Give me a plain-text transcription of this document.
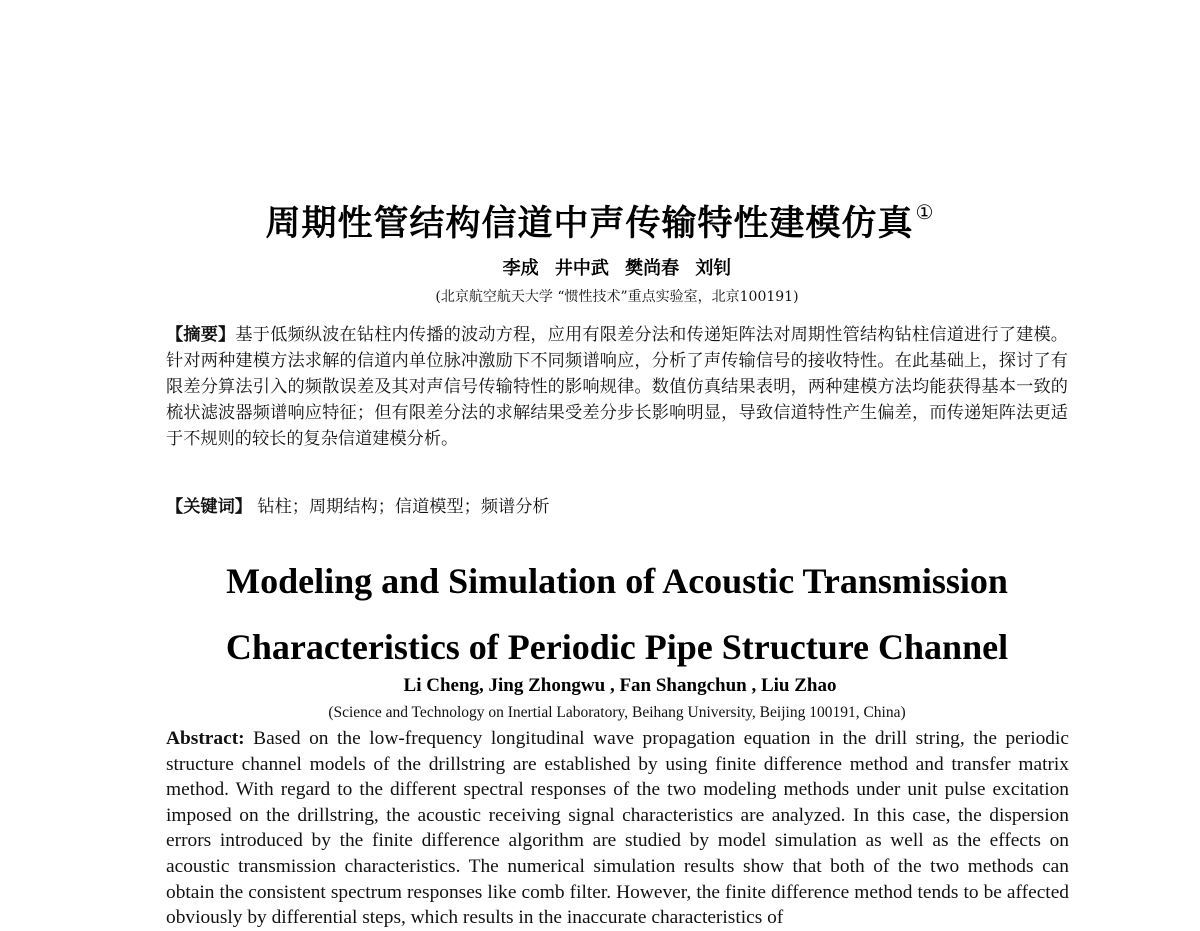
周期性管结构信道中声传输特性建模仿真 ①
李成 井中武 樊尚春 刘钊
(北京航空航天大学 “惯性技术”重点实验室，北京100191)
【摘要】基于低频纵波在钻柱内传播的波动方程，应用有限差分法和传递矩阵法对周期性管结构钻柱信道进行了建模。针对两种建模方法求解的信道内单位脉冲激励下不同频谱响应，分析了声传输信号的接收特性。在此基础上，探讨了有限差分算法引入的频散误差及其对声信号传输特性的影响规律。数值仿真结果表明，两种建模方法均能获得基本一致的梳状滤波器频谱响应特征；但有限差分法的求解结果受差分步长影响明显，导致信道特性产生偏差，而传递矩阵法更适于不规则的较长的复杂信道建模分析。
【关键词】 钻柱；周期结构；信道模型；频谱分析
Modeling and Simulation of Acoustic Transmission
Characteristics of Periodic Pipe Structure Channel
Li Cheng, Jing Zhongwu , Fan Shangchun , Liu Zhao
(Science and Technology on Inertial Laboratory, Beihang University, Beijing 100191, China)
Abstract: Based on the low-frequency longitudinal wave propagation equation in the drill string, the periodic structure channel models of the drillstring are established by using finite difference method and transfer matrix method. With regard to the different spectral responses of the two modeling methods under unit pulse excitation imposed on the drillstring, the acoustic receiving signal characteristics are analyzed. In this case, the dispersion errors introduced by the finite difference algorithm are studied by model simulation as well as the effects on acoustic transmission characteristics. The numerical simulation results show that both of the two methods can obtain the consistent spectrum responses like comb filter. However, the finite difference method tends to be affected obviously by differential steps, which results in the inaccurate characteristics of
